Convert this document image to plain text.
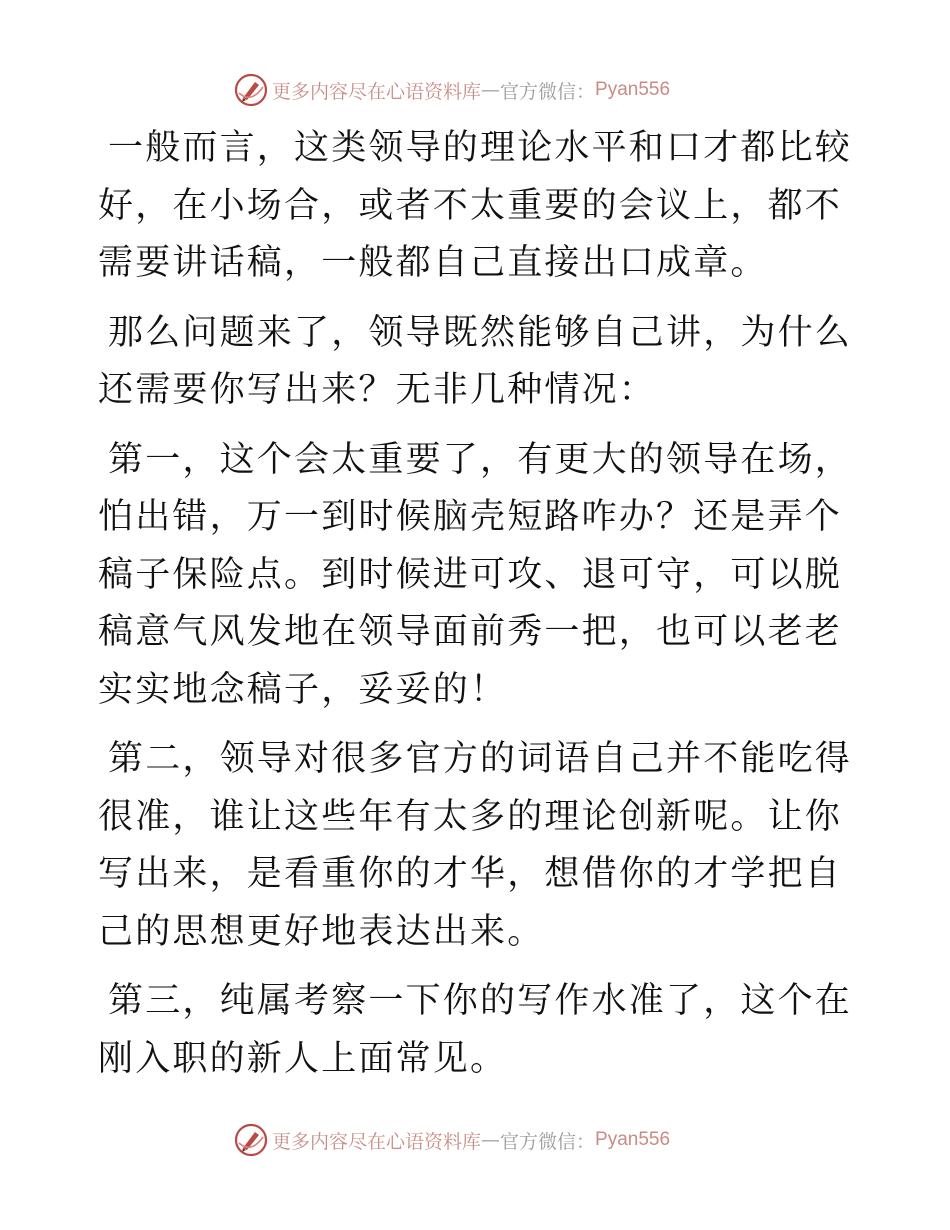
更多内容尽在心语资料库 — 官方微信： Pyan556

一般而言，这类领导的理论水平和口才都比较好，在小场合，或者不太重要的会议上，都不需要讲话稿，一般都自己直接出口成章。

那么问题来了，领导既然能够自己讲，为什么还需要你写出来？无非几种情况：

第一，这个会太重要了，有更大的领导在场，怕出错，万一到时候脑壳短路咋办？还是弄个稿子保险点。到时候进可攻、退可守，可以脱稿意气风发地在领导面前秀一把，也可以老老实实地念稿子，妥妥的！

第二，领导对很多官方的词语自己并不能吃得很准，谁让这些年有太多的理论创新呢。让你写出来，是看重你的才华，想借你的才学把自己的思想更好地表达出来。

第三，纯属考察一下你的写作水准了，这个在刚入职的新人上面常见。

更多内容尽在心语资料库 — 官方微信： Pyan556
